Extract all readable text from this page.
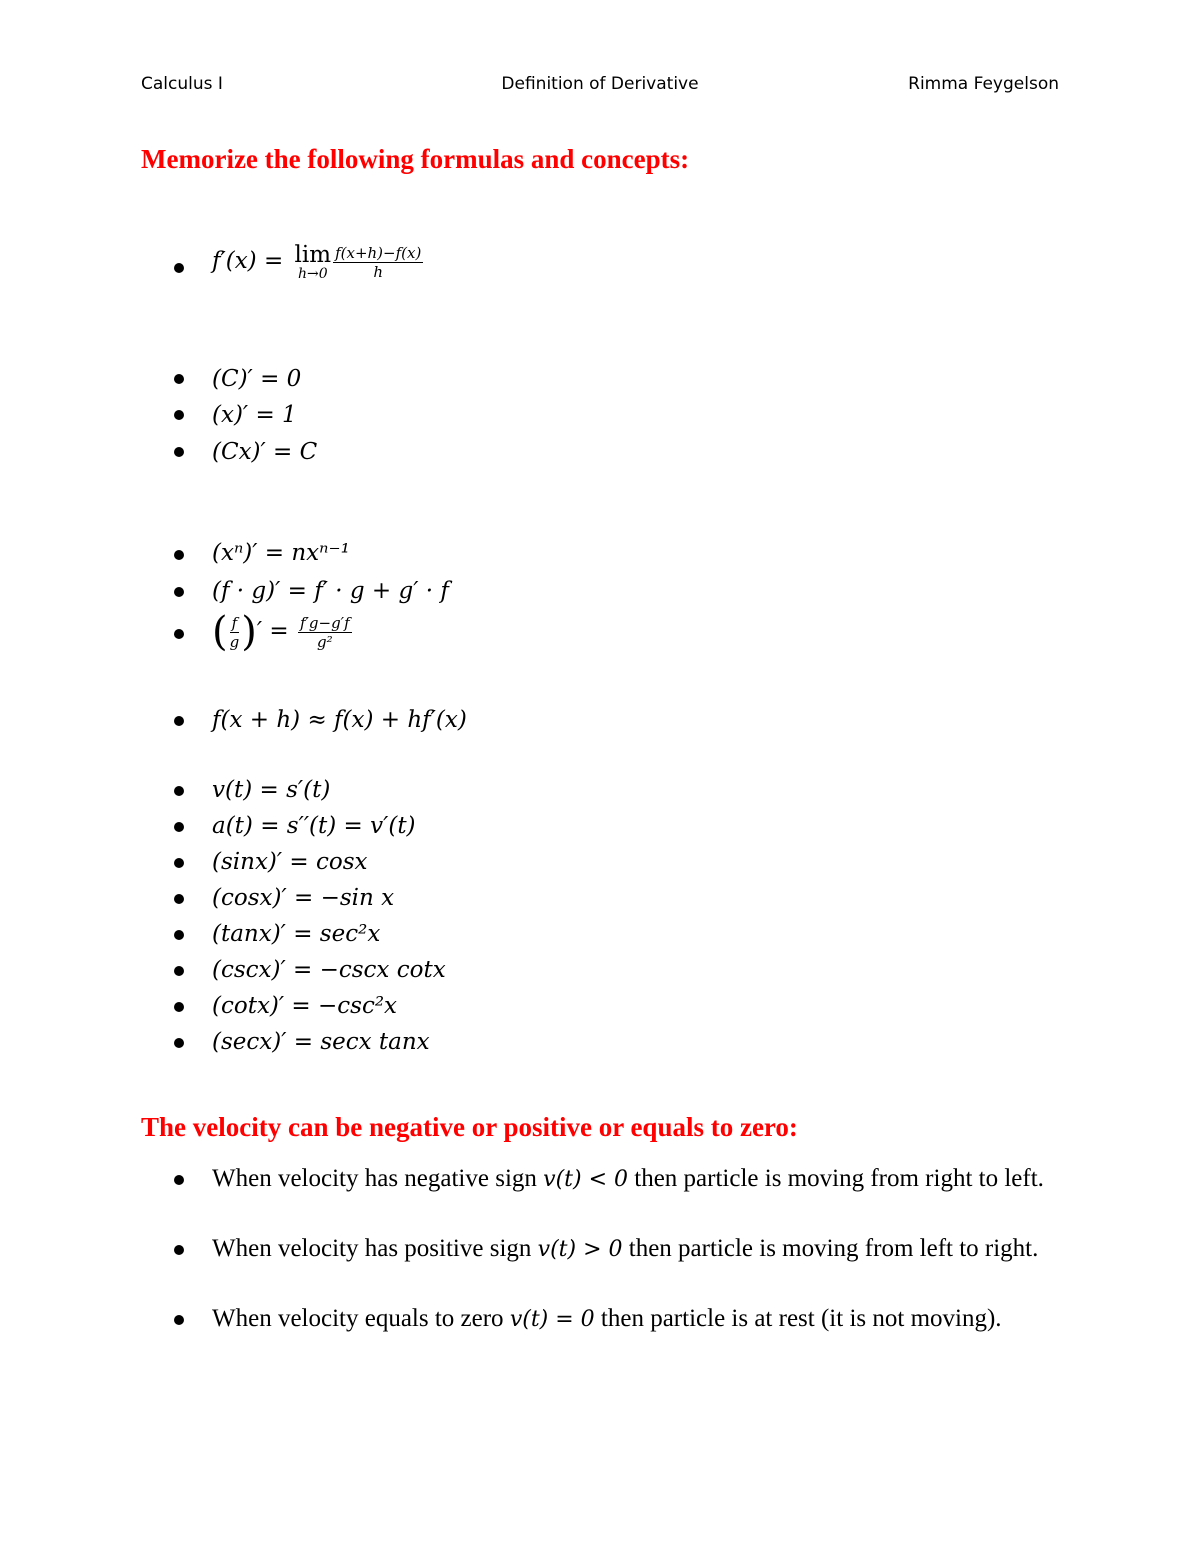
Calculus I	Definition of Derivative	Rimma Feygelson
Memorize the following formulas and concepts:
f′(x) = lim
$h\to 0 \frac{f(x+h)-f(x)}{h}$
(C)′ = 0
(x)′ = 1
(Cx)′ = C
(xⁿ)′ = nxⁿ⁻¹
(f · g)′ = f′ · g + g′ · f
( $\frac{f}{g}$ )′ = $\frac{f'g-g'f}{\text{g²}}$
f(x + h) ≈ f(x) + hf′(x)
v(t) = s′(t)
a(t) = s′′(t) = v′(t)
(sinx)′ = cosx
(cosx)′ = −sin x
(tanx)′ = sec²x
(cscx)′ = −cscx cotx
(cotx)′ = −csc²x
(secx)′ = secx tanx
The velocity can be negative or positive or equals to zero:
When velocity has negative sign v(t) < 0 then particle is moving from right to left.
When velocity has positive sign v(t) > 0 then particle is moving from left to right.
When velocity equals to zero v(t) = 0 then particle is at rest (it is not moving).
